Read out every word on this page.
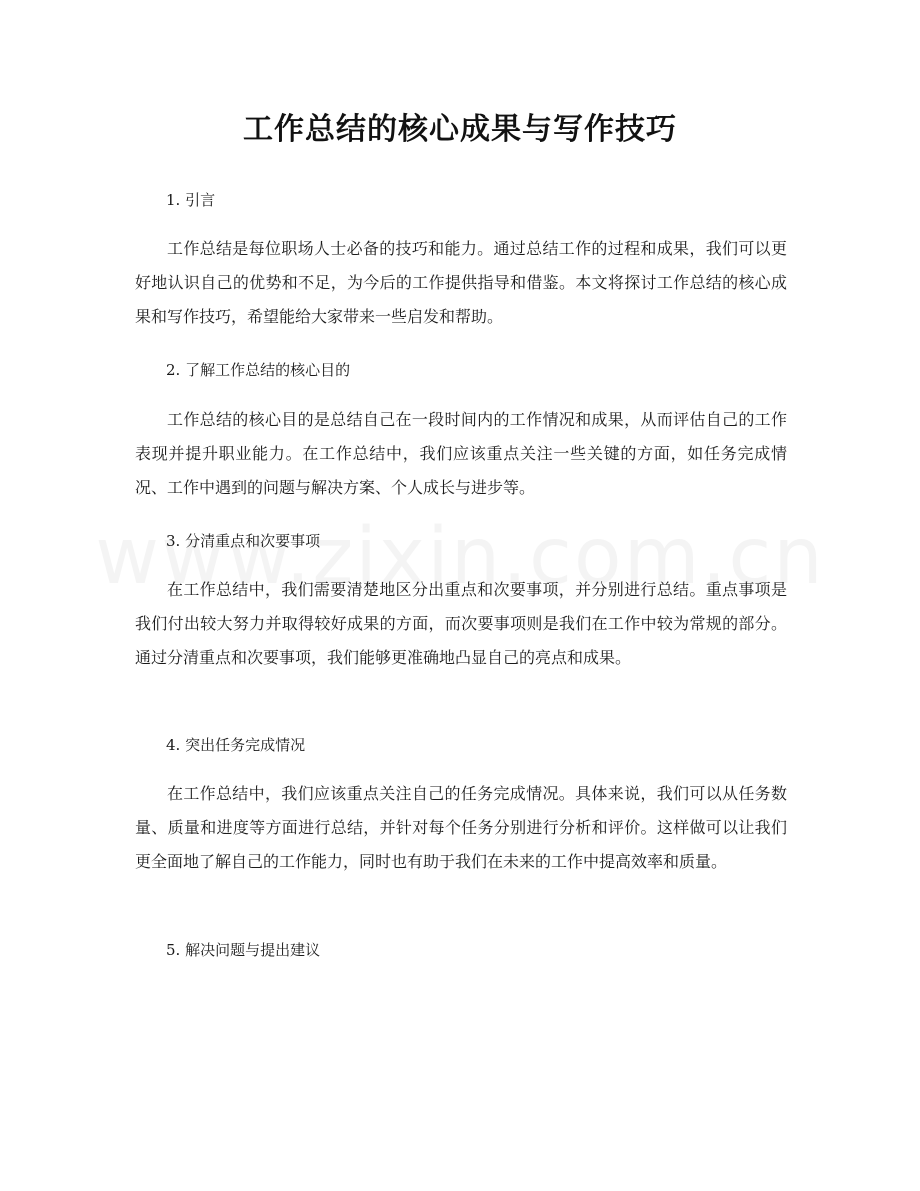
工作总结的核心成果与写作技巧
1. 引言
工作总结是每位职场人士必备的技巧和能力。通过总结工作的过程和成果，我们可以更好地认识自己的优势和不足，为今后的工作提供指导和借鉴。本文将探讨工作总结的核心成果和写作技巧，希望能给大家带来一些启发和帮助。
2. 了解工作总结的核心目的
工作总结的核心目的是总结自己在一段时间内的工作情况和成果，从而评估自己的工作表现并提升职业能力。在工作总结中，我们应该重点关注一些关键的方面，如任务完成情况、工作中遇到的问题与解决方案、个人成长与进步等。
3. 分清重点和次要事项
在工作总结中，我们需要清楚地区分出重点和次要事项，并分别进行总结。重点事项是我们付出较大努力并取得较好成果的方面，而次要事项则是我们在工作中较为常规的部分。通过分清重点和次要事项，我们能够更准确地凸显自己的亮点和成果。
4. 突出任务完成情况
在工作总结中，我们应该重点关注自己的任务完成情况。具体来说，我们可以从任务数量、质量和进度等方面进行总结，并针对每个任务分别进行分析和评价。这样做可以让我们更全面地了解自己的工作能力，同时也有助于我们在未来的工作中提高效率和质量。
5. 解决问题与提出建议
